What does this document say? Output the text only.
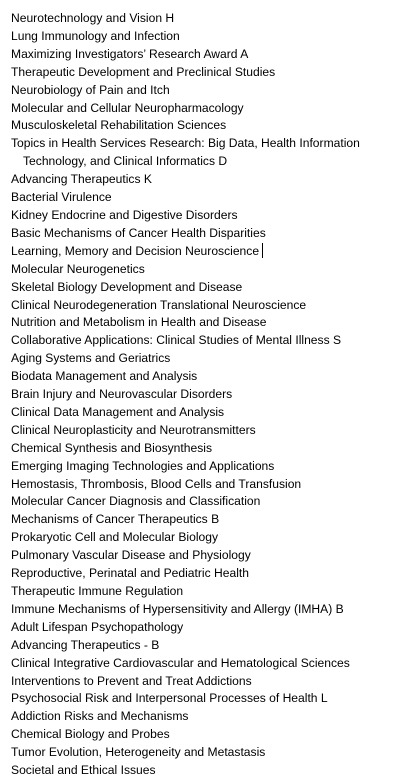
Neurotechnology and Vision H
Lung Immunology and Infection
Maximizing Investigators’ Research Award A
Therapeutic Development and Preclinical Studies
Neurobiology of Pain and Itch
Molecular and Cellular Neuropharmacology
Musculoskeletal Rehabilitation Sciences
Topics in Health Services Research: Big Data, Health Information
Technology, and Clinical Informatics D
Advancing Therapeutics K
Bacterial Virulence
Kidney Endocrine and Digestive Disorders
Basic Mechanisms of Cancer Health Disparities
Learning, Memory and Decision Neuroscience
Molecular Neurogenetics
Skeletal Biology Development and Disease
Clinical Neurodegeneration Translational Neuroscience
Nutrition and Metabolism in Health and Disease
Collaborative Applications: Clinical Studies of Mental Illness S
Aging Systems and Geriatrics
Biodata Management and Analysis
Brain Injury and Neurovascular Disorders
Clinical Data Management and Analysis
Clinical Neuroplasticity and Neurotransmitters
Chemical Synthesis and Biosynthesis
Emerging Imaging Technologies and Applications
Hemostasis, Thrombosis, Blood Cells and Transfusion
Molecular Cancer Diagnosis and Classification
Mechanisms of Cancer Therapeutics B
Prokaryotic Cell and Molecular Biology
Pulmonary Vascular Disease and Physiology
Reproductive, Perinatal and Pediatric Health
Therapeutic Immune Regulation
Immune Mechanisms of Hypersensitivity and Allergy (IMHA) B
Adult Lifespan Psychopathology
Advancing Therapeutics - B
Clinical Integrative Cardiovascular and Hematological Sciences
Interventions to Prevent and Treat Addictions
Psychosocial Risk and Interpersonal Processes of Health L
Addiction Risks and Mechanisms
Chemical Biology and Probes
Tumor Evolution, Heterogeneity and Metastasis
Societal and Ethical Issues
